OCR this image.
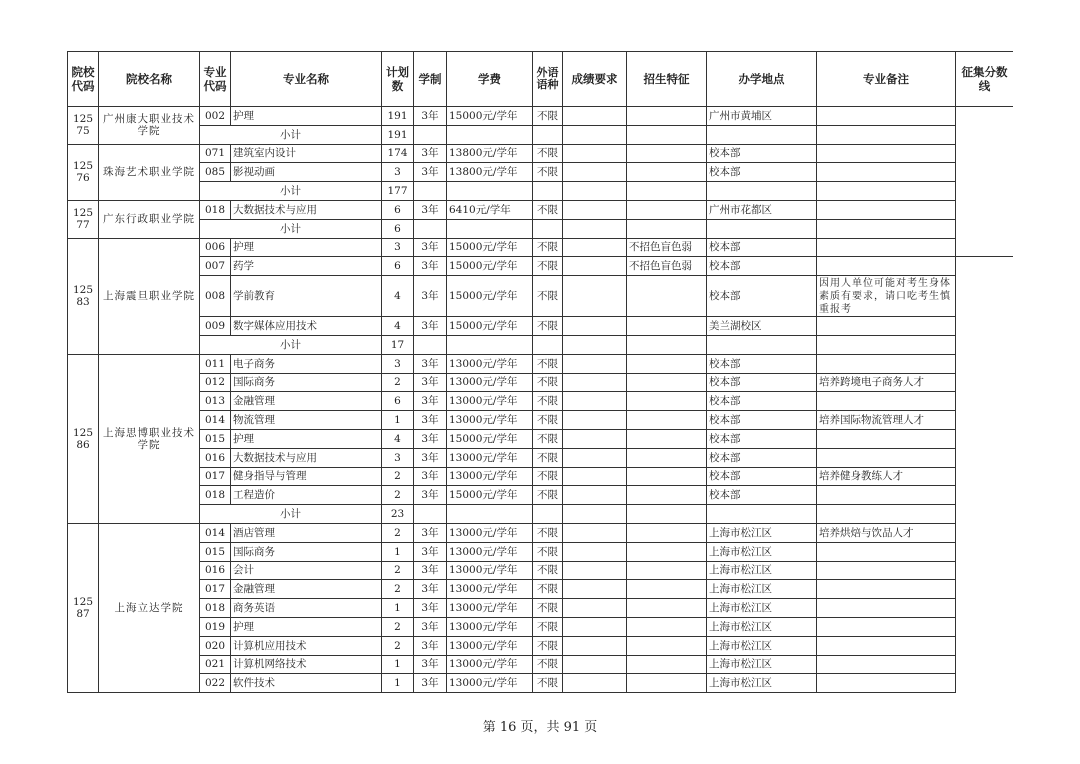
院校代码	院校名称	专业代码	专业名称	计划数	学制	学费	外语语种	成绩要求	招生特征	办学地点	专业备注	征集分数线	
12575	广州康大职业技术学院	002	护理	191	3年	15000元/学年	不限			广州市黄埔区			
		小计		191									
12576	珠海艺术职业学院	071	建筑室内设计	174	3年	13800元/学年	不限			校本部			
		085	影视动画	3	3年	13800元/学年	不限			校本部			
		小计		177									
12577	广东行政职业学院	018	大数据技术与应用	6	3年	6410元/学年	不限			广州市花都区			
		小计		6									
12583	上海震旦职业学院	006	护理	3	3年	15000元/学年	不限		不招色盲色弱	校本部		
		007	药学	6	3年	15000元/学年	不限		不招色盲色弱	校本部			
		008	学前教育	4	3年	15000元/学年	不限			校本部	因用人单位可能对考生身体素质有要求，请口吃考生慎重报考		
		009	数字媒体应用技术	4	3年	15000元/学年	不限			美兰湖校区			
		小计		17									
12586	上海思博职业技术学院	011	电子商务	3	3年	13000元/学年	不限			校本部			
		012	国际商务	2	3年	13000元/学年	不限			校本部	培养跨境电子商务人才		
		013	金融管理	6	3年	13000元/学年	不限			校本部			
		014	物流管理	1	3年	13000元/学年	不限			校本部	培养国际物流管理人才		
		015	护理	4	3年	15000元/学年	不限			校本部			
		016	大数据技术与应用	3	3年	13000元/学年	不限			校本部			
		017	健身指导与管理	2	3年	13000元/学年	不限			校本部	培养健身教练人才		
		018	工程造价	2	3年	15000元/学年	不限			校本部			
		小计		23									
12587	上海立达学院	014	酒店管理	2	3年	13000元/学年	不限			上海市松江区	培养烘焙与饮品人才		
		015	国际商务	1	3年	13000元/学年	不限			上海市松江区			
		016	会计	2	3年	13000元/学年	不限			上海市松江区			
		017	金融管理	2	3年	13000元/学年	不限			上海市松江区			
		018	商务英语	1	3年	13000元/学年	不限			上海市松江区			
		019	护理	2	3年	13000元/学年	不限			上海市松江区			
		020	计算机应用技术	2	3年	13000元/学年	不限			上海市松江区			
		021	计算机网络技术	1	3年	13000元/学年	不限			上海市松江区			
		022	软件技术	1	3年	13000元/学年	不限			上海市松江区			
第 16 页，共 91 页
